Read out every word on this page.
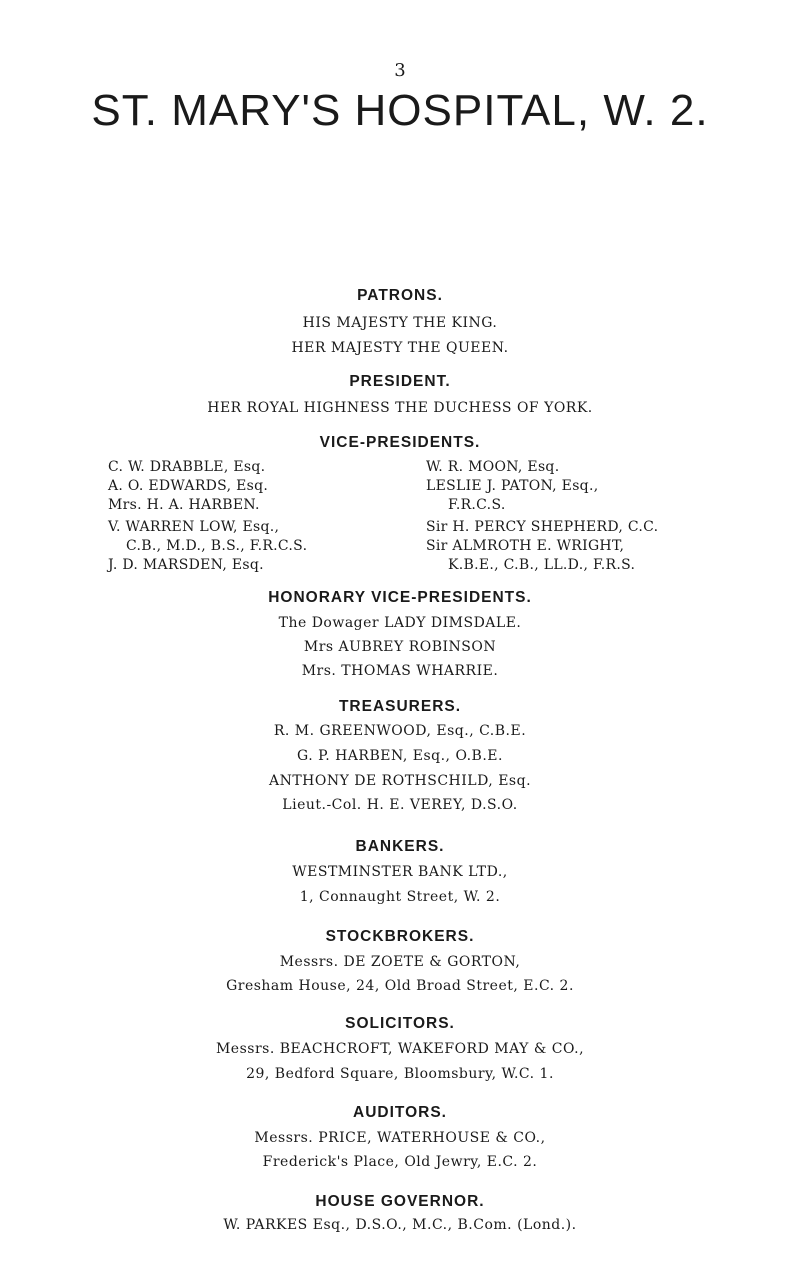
3
ST. MARY'S HOSPITAL, W. 2.
PATRONS.
HIS MAJESTY THE KING.
HER MAJESTY THE QUEEN.
PRESIDENT.
HER ROYAL HIGHNESS THE DUCHESS OF YORK.
VICE-PRESIDENTS.
C. W. DRABBLE, Esq.
A. O. EDWARDS, Esq.
Mrs. H. A. HARBEN.
V. WARREN LOW, Esq.,
C.B., M.D., B.S., F.R.C.S.
J. D. MARSDEN, Esq.
W. R. MOON, Esq.
LESLIE J. PATON, Esq.,
F.R.C.S.
Sir H. PERCY SHEPHERD, C.C.
Sir ALMROTH E. WRIGHT,
K.B.E., C.B., LL.D., F.R.S.
HONORARY VICE-PRESIDENTS.
The Dowager LADY DIMSDALE.
Mrs AUBREY ROBINSON
Mrs. THOMAS WHARRIE.
TREASURERS.
R. M. GREENWOOD, Esq., C.B.E.
G. P. HARBEN, Esq., O.B.E.
ANTHONY DE ROTHSCHILD, Esq.
Lieut.-Col. H. E. VEREY, D.S.O.
BANKERS.
WESTMINSTER BANK LTD.,
1, Connaught Street, W. 2.
STOCKBROKERS.
Messrs. DE ZOETE & GORTON,
Gresham House, 24, Old Broad Street, E.C. 2.
SOLICITORS.
Messrs. BEACHCROFT, WAKEFORD MAY & CO.,
29, Bedford Square, Bloomsbury, W.C. 1.
AUDITORS.
Messrs. PRICE, WATERHOUSE & CO.,
Frederick's Place, Old Jewry, E.C. 2.
HOUSE GOVERNOR.
W. PARKES Esq., D.S.O., M.C., B.Com. (Lond.).
